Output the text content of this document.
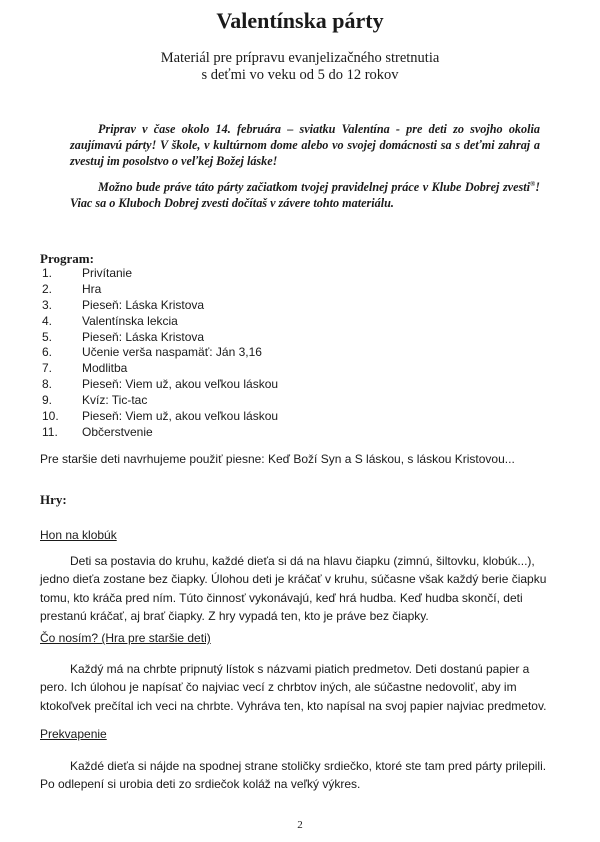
Valentínska párty
Materiál pre prípravu evanjelizačného stretnutia
s deťmi vo veku od 5 do 12 rokov

Priprav v čase okolo 14. februára – sviatku Valentína - pre deti zo svojho okolia zaujímavú párty! V škole, v kultúrnom dome alebo vo svojej domácnosti sa s deťmi zahraj a zvestuj im posolstvo o veľkej Božej láske!

Možno bude práve táto párty začiatkom tvojej pravidelnej práce v Klube Dobrej zvesti®! Viac sa o Kluboch Dobrej zvesti dočítaš v závere tohto materiálu.

Program:
1.	Privítanie
2.	Hra
3.	Pieseň: Láska Kristova
4.	Valentínska lekcia
5.	Pieseň: Láska Kristova
6.	Učenie verša naspamäť: Ján 3,16
7.	Modlitba
8.	Pieseň: Viem už, akou veľkou láskou
9.	Kvíz: Tic-tac
10.	Pieseň: Viem už, akou veľkou láskou
11.	Občerstvenie

Pre staršie deti navrhujeme použiť piesne: Keď Boží Syn a S láskou, s láskou Kristovou...

Hry:
Hon na klobúk

Deti sa postavia do kruhu, každé dieťa si dá na hlavu čiapku (zimnú, šiltovku, klobúk...), jedno dieťa zostane bez čiapky. Úlohou deti je kráčať v kruhu, súčasne však každý berie čiapku tomu, kto kráča pred ním. Túto činnosť vykonávajú, keď hrá hudba. Keď hudba skončí, deti prestanú kráčať, aj brať čiapky. Z hry vypadá ten, kto je práve bez čiapky.

Čo nosím? (Hra pre staršie deti)

Každý má na chrbte pripnutý lístok s názvami piatich predmetov. Deti dostanú papier a pero. Ich úlohou je napísať čo najviac vecí z chrbtov iných, ale súčastne nedovoliť, aby im ktokoľvek prečítal ich veci na chrbte. Vyhráva ten, kto napísal na svoj papier najviac predmetov.

Prekvapenie

Každé dieťa si nájde na spodnej strane stoličky srdiečko, ktoré ste tam pred párty prilepili. Po odlepení si urobia deti zo srdiečok koláž na veľký výkres.

2
